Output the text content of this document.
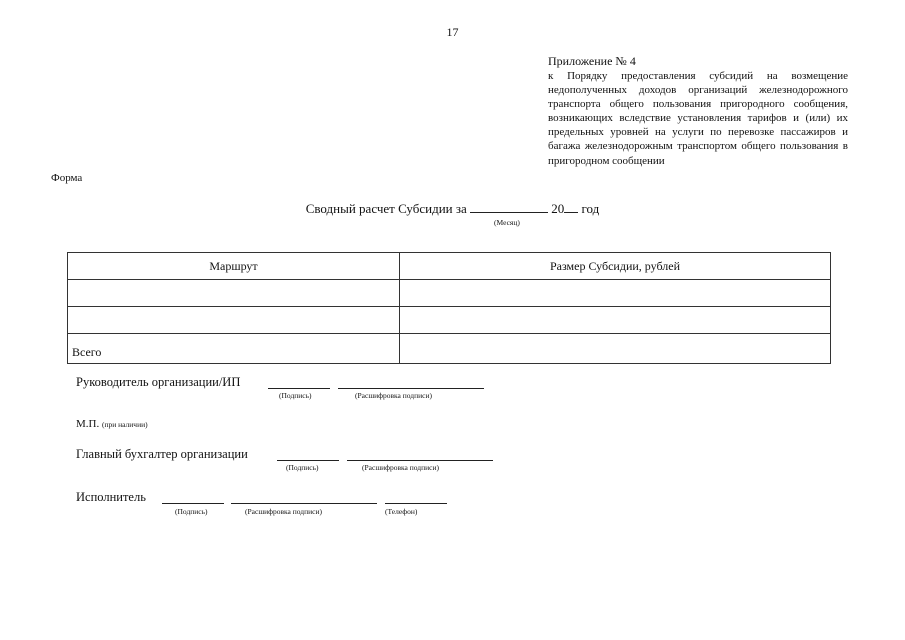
17
Приложение № 4
к Порядку предоставления субсидий на возмещение недополученных доходов организаций железнодорожного транспорта общего пользования пригородного сообщения, возникающих вследствие установления тарифов и (или) их предельных уровней на услуги по перевозке пассажиров и багажа железнодорожным транспортом общего пользования в пригородном сообщении
Форма
Сводный расчет Субсидии за	20 год
(Месяц)
Маршрут	Размер Субсидии, рублей

Всего	
Руководитель организации/ИП
(Подпись)	(Расшифровка подписи)
М.П. (при наличии)
Главный бухгалтер организации
(Подпись)	(Расшифровка подписи)
Исполнитель
(Подпись)	(Расшифровка подписи)	(Телефон)
